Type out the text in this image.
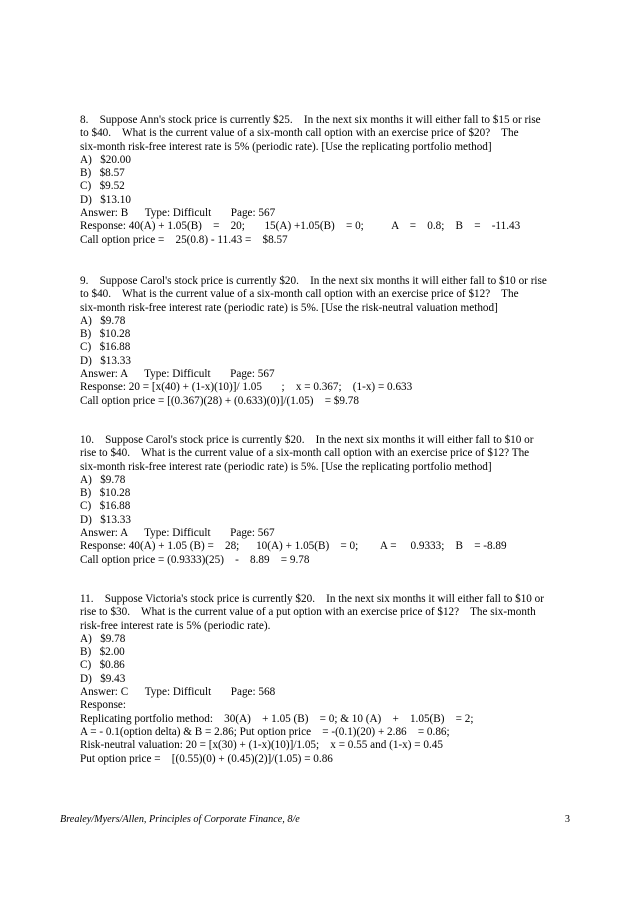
8.    Suppose Ann's stock price is currently $25.    In the next six months it will either fall to $15 or rise
to $40.    What is the current value of a six-month call option with an exercise price of $20?    The
six-month risk-free interest rate is 5% (periodic rate). [Use the replicating portfolio method]
A)   $20.00
B)   $8.57
C)   $9.52
D)   $13.10
Answer: B      Type: Difficult       Page: 567
Response: 40(A) + 1.05(B)    =    20;       15(A) +1.05(B)    = 0;          A    =    0.8;    B    =    -11.43
Call option price =    25(0.8) - 11.43 =    $8.57
9.    Suppose Carol's stock price is currently $20.    In the next six months it will either fall to $10 or rise
to $40.    What is the current value of a six-month call option with an exercise price of $12?    The
six-month risk-free interest rate (periodic rate) is 5%. [Use the risk-neutral valuation method]
A)   $9.78
B)   $10.28
C)   $16.88
D)   $13.33
Answer: A      Type: Difficult       Page: 567
Response: 20 = [x(40) + (1-x)(10)]/ 1.05       ;    x = 0.367;    (1-x) = 0.633
Call option price = [(0.367)(28) + (0.633)(0)]/(1.05)    = $9.78
10.    Suppose Carol's stock price is currently $20.    In the next six months it will either fall to $10 or
rise to $40.    What is the current value of a six-month call option with an exercise price of $12? The
six-month risk-free interest rate (periodic rate) is 5%. [Use the replicating portfolio method]
A)   $9.78
B)   $10.28
C)   $16.88
D)   $13.33
Answer: A      Type: Difficult       Page: 567
Response: 40(A) + 1.05 (B) =    28;      10(A) + 1.05(B)    = 0;        A =     0.9333;    B    = -8.89
Call option price = (0.9333)(25)    -    8.89    = 9.78
11.    Suppose Victoria's stock price is currently $20.    In the next six months it will either fall to $10 or
rise to $30.    What is the current value of a put option with an exercise price of $12?    The six-month
risk-free interest rate is 5% (periodic rate).
A)   $9.78
B)   $2.00
C)   $0.86
D)   $9.43
Answer: C      Type: Difficult       Page: 568
Response:
Replicating portfolio method:    30(A)    + 1.05 (B)    = 0; & 10 (A)    +    1.05(B)    = 2;
A = - 0.1(option delta) & B = 2.86; Put option price    = -(0.1)(20) + 2.86    = 0.86;
Risk-neutral valuation: 20 = [x(30) + (1-x)(10)]/1.05;    x = 0.55 and (1-x) = 0.45
Put option price =    [(0.55)(0) + (0.45)(2)]/(1.05) = 0.86
Brealey/Myers/Allen, Principles of Corporate Finance, 8/e	3
